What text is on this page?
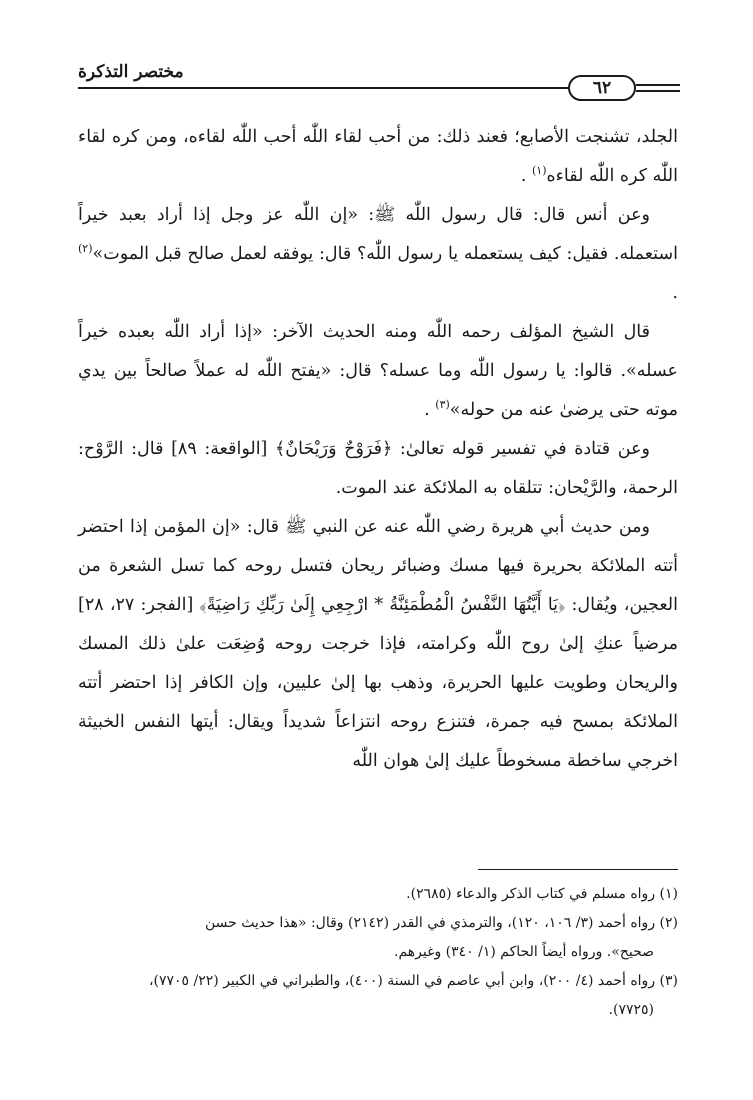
مختصر التذكرة
٦٢

الجلد، تشنجت الأصابع؛ فعند ذلك: من أحب لقاء اللّٰه أحب اللّٰه لقاءه، ومن كره لقاء اللّٰه كره اللّٰه لقاءه$^{(١)}$ .

وعن أنس قال: قال رسول اللّٰه ﷺ: «إن اللّٰه عز وجل إذا أراد بعبد خيراً استعمله. فقيل: كيف يستعمله يا رسول اللّٰه؟ قال: يوفقه لعمل صالح قبل الموت»$^{(٢)}$ .

قال الشيخ المؤلف رحمه اللّٰه ومنه الحديث الآخر: «إذا أراد اللّٰه بعبده خيراً عسله». قالوا: يا رسول اللّٰه وما عسله؟ قال: «يفتح اللّٰه له عملاً صالحاً بين يدي موته حتى يرضىٰ عنه من حوله»$^{(٣)}$ .

وعن قتادة في تفسير قوله تعالىٰ: ﴿فَرَوْحٌ وَرَيْحَانٌ﴾ [الواقعة: ٨٩] قال: الرَّوْح: الرحمة، والرَّيْحان: تتلقاه به الملائكة عند الموت.

ومن حديث أبي هريرة رضي اللّٰه عنه عن النبي ﷺ قال: «إن المؤمن إذا احتضر أتته الملائكة بحريرة فيها مسك وضبائر ريحان فتسل روحه كما تسل الشعرة من العجين، ويُقال: ﴿يَا أَيَّتُهَا النَّفْسُ الْمُطْمَئِنَّةُ * ارْجِعِي إِلَىٰ رَبِّكِ رَاضِيَةً﴾ [الفجر: ٢٧، ٢٨] مرضياً عنكِ إلىٰ روح اللّٰه وكرامته، فإذا خرجت روحه وُضِعَت علىٰ ذلك المسك والريحان وطويت عليها الحريرة، وذهب بها إلىٰ عليين، وإن الكافر إذا احتضر أتته الملائكة بمسح فيه جمرة، فتنزع روحه انتزاعاً شديداً ويقال: أيتها النفس الخبيثة اخرجي ساخطة مسخوطاً عليك إلىٰ هوان اللّٰه

(١) رواه مسلم في كتاب الذكر والدعاء (٢٦٨٥).

(٢) رواه أحمد (٣/ ١٠٦، ١٢٠)، والترمذي في القدر (٢١٤٢) وقال: «هذا حديث حسن

صحيح». ورواه أيضاً الحاكم (١/ ٣٤٠) وغيرهم.

(٣) رواه أحمد (٤/ ٢٠٠)، وابن أبي عاصم في السنة (٤٠٠)، والطبراني في الكبير (٢٢/ ٧٧٠٥)،

(٧٧٢٥).
